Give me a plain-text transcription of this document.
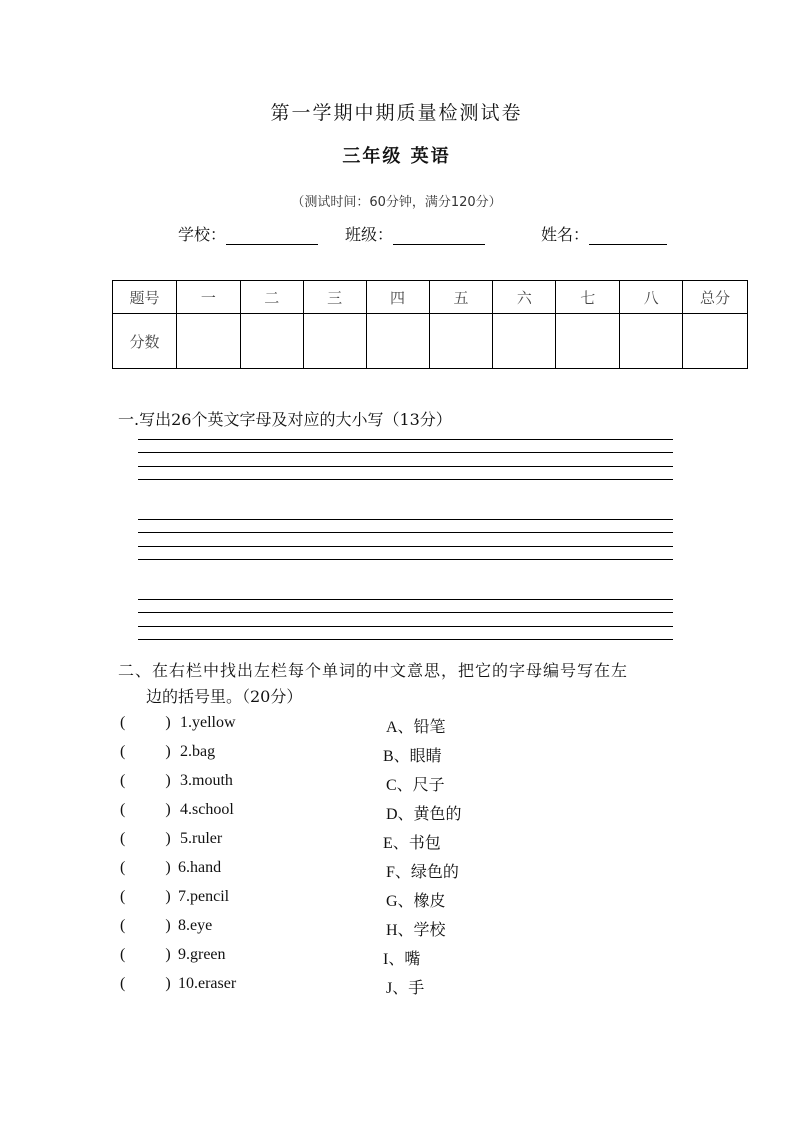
第一学期中期质量检测试卷
三年级 英语
（测试时间：60分钟，满分120分）
学校：	班级：	姓名：
题号	一	二	三	四	五	六	七	八	总分
分数									
一.写出26个英文字母及对应的大小写（13分）
二、在右栏中找出左栏每个单词的中文意思，把它的字母编号写在左
边的括号里。（20分）
(        ) 1.yellow	A、铅笔
(        ) 2.bag	B、眼睛
(        ) 3.mouth	C、尺子
(        ) 4.school	D、黄色的
(        ) 5.ruler	E、书包
(        ) 6.hand	F、绿色的
(        ) 7.pencil	G、橡皮
(        ) 8.eye	H、学校
(        ) 9.green	I、嘴
(        ) 10.eraser	J、手
